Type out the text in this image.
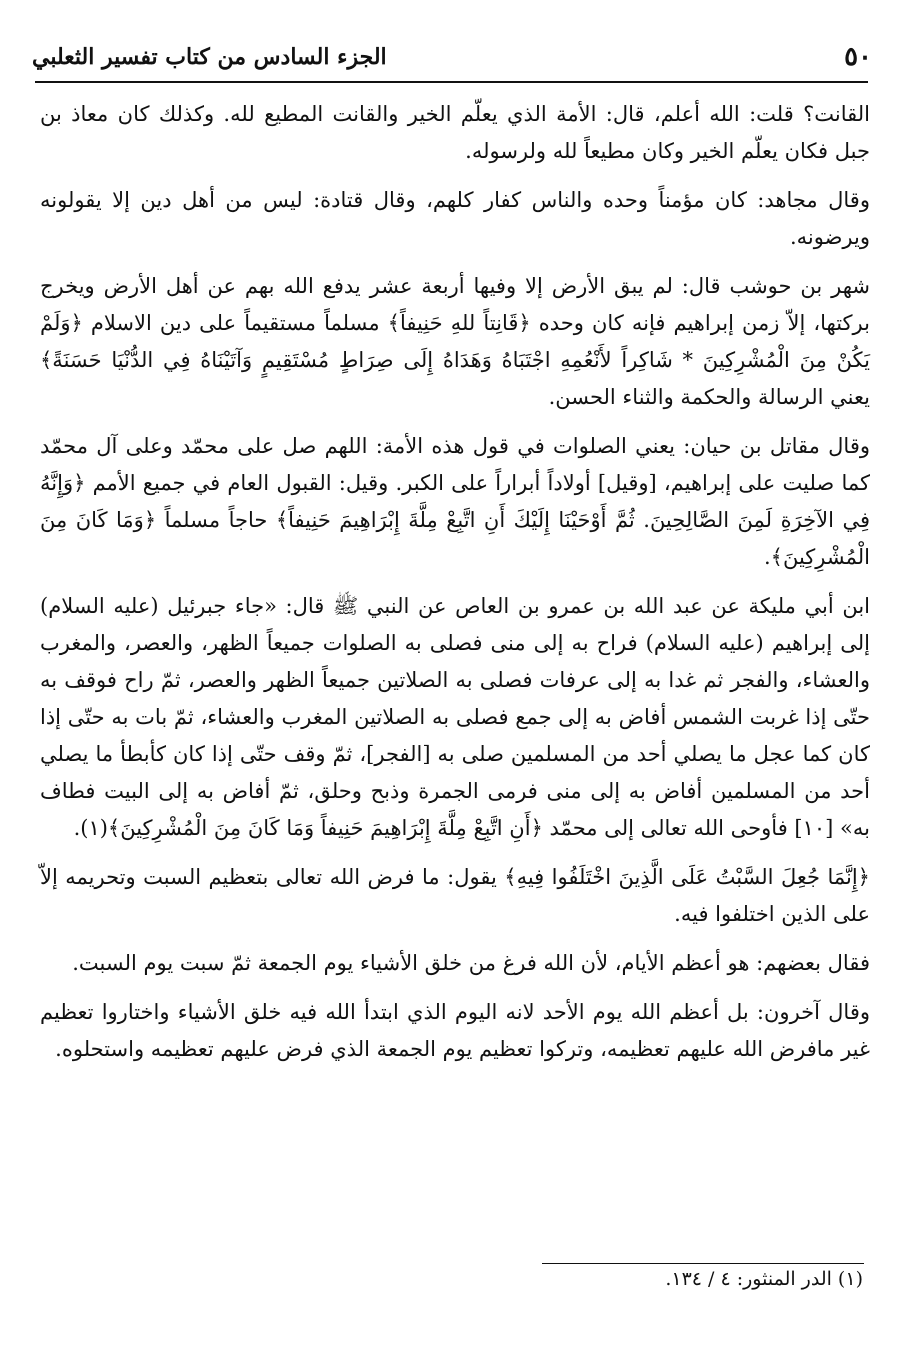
٥٠
الجزء السادس من كتاب تفسير الثعلبي

القانت؟ قلت: الله أعلم، قال: الأمة الذي يعلّم الخير والقانت المطيع لله. وكذلك كان معاذ بن جبل فكان يعلّم الخير وكان مطيعاً لله ولرسوله.

وقال مجاهد: كان مؤمناً وحده والناس كفار كلهم، وقال قتادة: ليس من أهل دين إلا يقولونه ويرضونه.

شهر بن حوشب قال: لم يبق الأرض إلا وفيها أربعة عشر يدفع الله بهم عن أهل الأرض ويخرج بركتها، إلاّ زمن إبراهيم فإنه كان وحده ﴿قَانِتاً للهِ حَنِيفاً﴾ مسلماً مستقيماً على دين الاسلام ﴿وَلَمْ يَكُنْ مِنَ الْمُشْرِكِينَ * شَاكِراً لأَنْعُمِهِ اجْتَبَاهُ وَهَدَاهُ إِلَى صِرَاطٍ مُسْتَقِيمٍ وَآتَيْنَاهُ فِي الدُّنْيَا حَسَنَةً﴾ يعني الرسالة والحكمة والثناء الحسن.

وقال مقاتل بن حيان: يعني الصلوات في قول هذه الأمة: اللهم صل على محمّد وعلى آل محمّد كما صليت على إبراهيم، [وقيل] أولاداً أبراراً على الكبر. وقيل: القبول العام في جميع الأمم ﴿وَإِنَّهُ فِي الآخِرَةِ لَمِنَ الصَّالِحِينَ. ثُمَّ أَوْحَيْنَا إِلَيْكَ أَنِ اتَّبِعْ مِلَّةَ إِبْرَاهِيمَ حَنِيفاً﴾ حاجاً مسلماً ﴿وَمَا كَانَ مِنَ الْمُشْرِكِينَ﴾.

ابن أبي مليكة عن عبد الله بن عمرو بن العاص عن النبي ﷺ قال: «جاء جبرئيل (عليه السلام) إلى إبراهيم (عليه السلام) فراح به إلى منى فصلى به الصلوات جميعاً الظهر، والعصر، والمغرب والعشاء، والفجر ثم غدا به إلى عرفات فصلى به الصلاتين جميعاً الظهر والعصر، ثمّ راح فوقف به حتّى إذا غربت الشمس أفاض به إلى جمع فصلى به الصلاتين المغرب والعشاء، ثمّ بات به حتّى إذا كان كما عجل ما يصلي أحد من المسلمين صلى به [الفجر]، ثمّ وقف حتّى إذا كان كأبطأ ما يصلي أحد من المسلمين أفاض به إلى منى فرمى الجمرة وذبح وحلق، ثمّ أفاض به إلى البيت فطاف به» [١٠] فأوحى الله تعالى إلى محمّد ﴿أَنِ اتَّبِعْ مِلَّةَ إِبْرَاهِيمَ حَنِيفاً وَمَا كَانَ مِنَ الْمُشْرِكِينَ﴾(١).

﴿إِنَّمَا جُعِلَ السَّبْتُ عَلَى الَّذِينَ اخْتَلَفُوا فِيهِ﴾ يقول: ما فرض الله تعالى بتعظيم السبت وتحريمه إلاّ على الذين اختلفوا فيه.

فقال بعضهم: هو أعظم الأيام، لأن الله فرغ من خلق الأشياء يوم الجمعة ثمّ سبت يوم السبت.

وقال آخرون: بل أعظم الله يوم الأحد لانه اليوم الذي ابتدأ الله فيه خلق الأشياء واختاروا تعظيم غير مافرض الله عليهم تعظيمه، وتركوا تعظيم يوم الجمعة الذي فرض عليهم تعظيمه واستحلوه.

(١) الدر المنثور: ٤ / ١٣٤.
